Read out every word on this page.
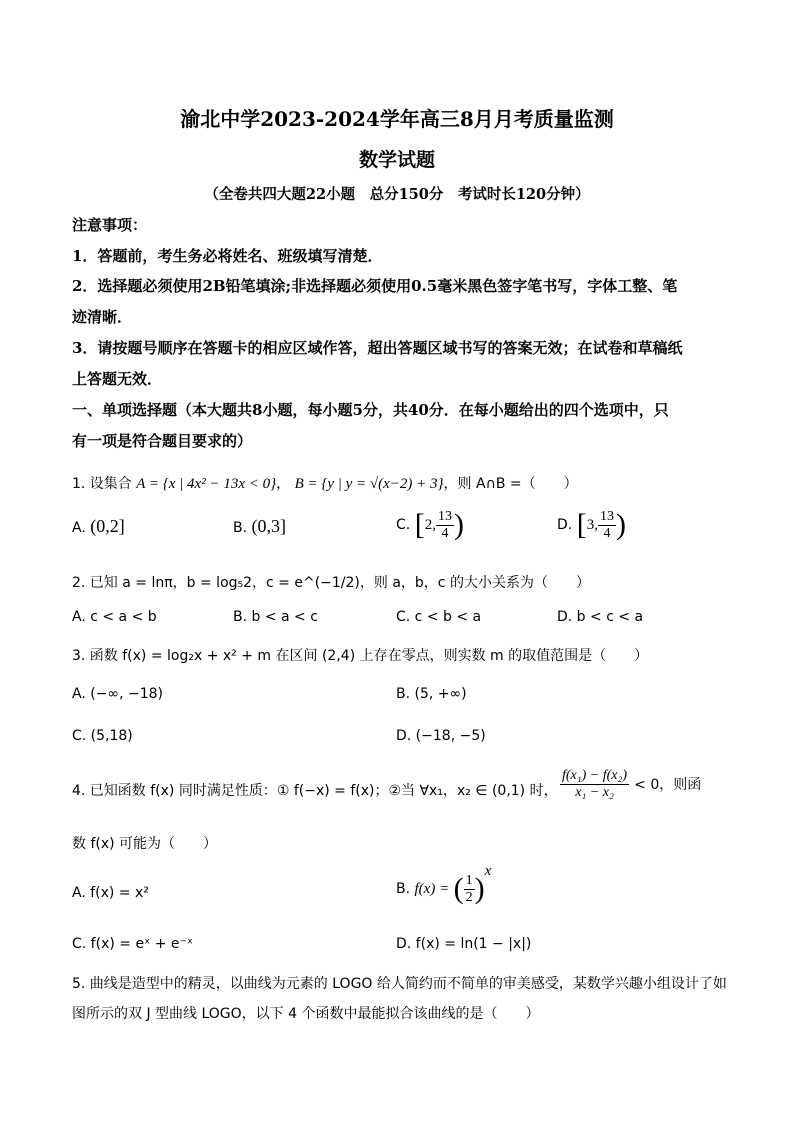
渝北中学2023-2024学年高三8月月考质量监测
数学试题
（全卷共四大题22小题　总分150分　考试时长120分钟）
注意事项：
1．答题前，考生务必将姓名、班级填写清楚．
2．选择题必须使用2B铅笔填涂;非选择题必须使用0.5毫米黑色签字笔书写，字体工整、笔
迹清晰．
3．请按题号顺序在答题卡的相应区域作答，超出答题区域书写的答案无效；在试卷和草稿纸
上答题无效．
一、单项选择题（本大题共8小题，每小题5分，共40分．在每小题给出的四个选项中，只
有一项是符合题目要求的）
1. 设集合 A = {x | 4x² − 13x < 0}， B = {y | y = √(x−2) + 3}，则 A∩B =（　　）
A. (0,2]	B. (0,3]	C. [2, $\frac{13}{4}$ )	D. [3, $\frac{13}{4}$ )
2. 已知 a = lnπ，b = log₅2，c = e^(−1/2)，则 a，b，c 的大小关系为（　　）
A. c < a < b	B. b < a < c	C. c < b < a	D. b < c < a
3. 函数 f(x) = log₂x + x² + m 在区间 (2,4) 上存在零点，则实数 m 的取值范围是（　　）
A. (−∞, −18)	B. (5, +∞)
C. (5,18)	D. (−18, −5)
4. 已知函数 f(x) 同时满足性质：① f(−x) = f(x)；②当 ∀x₁，x₂ ∈ (0,1) 时， $\frac{\text{f(x₁) − f(x₂)}}{\text{x₁ − x₂}} < 0$，则函
数 f(x) 可能为（　　）
A. f(x) = x²	B. f(x) = ( $\frac{1}{2} )^x$
C. f(x) = eˣ + e⁻ˣ	D. f(x) = ln(1 − |x|)
5. 曲线是造型中的精灵，以曲线为元素的 LOGO 给人简约而不简单的审美感受，某数学兴趣小组设计了如
图所示的双 J 型曲线 LOGO，以下 4 个函数中最能拟合该曲线的是（　　）
